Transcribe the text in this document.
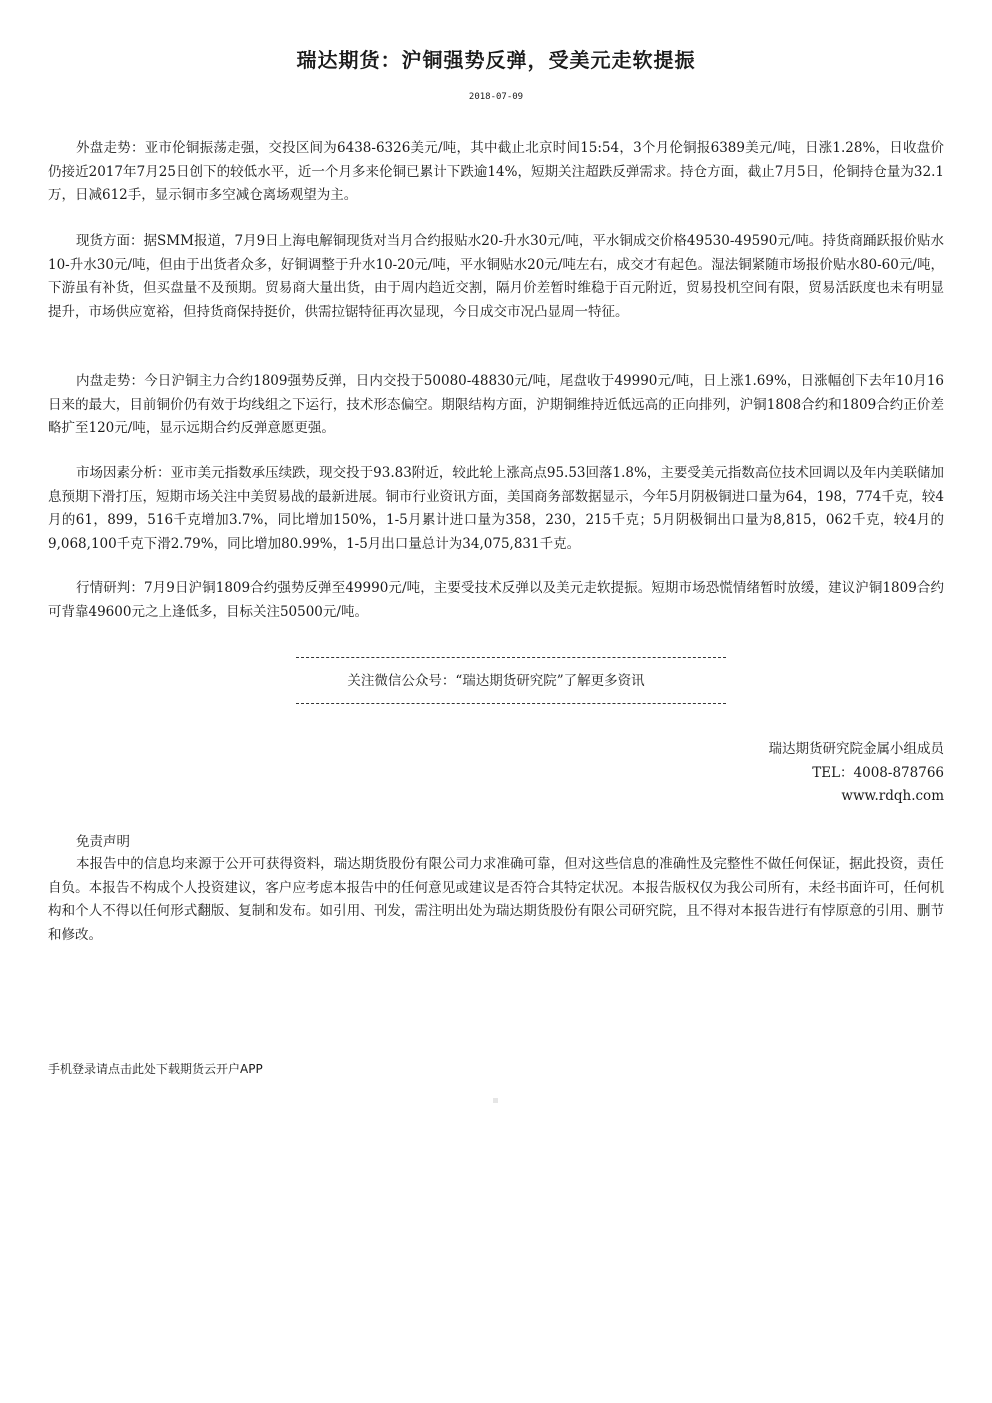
瑞达期货：沪铜强势反弹，受美元走软提振
2018-07-09

外盘走势：亚市伦铜振荡走强，交投区间为6438-6326美元/吨，其中截止北京时间15:54，3个月伦铜报6389美元/吨，日涨1.28%，日收盘价仍接近2017年7月25日创下的较低水平，近一个月多来伦铜已累计下跌逾14%，短期关注超跌反弹需求。持仓方面，截止7月5日，伦铜持仓量为32.1万，日减612手，显示铜市多空减仓离场观望为主。

现货方面：据SMM报道，7月9日上海电解铜现货对当月合约报贴水20-升水30元/吨，平水铜成交价格49530-49590元/吨。持货商踊跃报价贴水10-升水30元/吨，但由于出货者众多，好铜调整于升水10-20元/吨，平水铜贴水20元/吨左右，成交才有起色。湿法铜紧随市场报价贴水80-60元/吨，下游虽有补货，但买盘量不及预期。贸易商大量出货，由于周内趋近交割，隔月价差暂时维稳于百元附近，贸易投机空间有限，贸易活跃度也未有明显提升，市场供应宽裕，但持货商保持挺价，供需拉锯特征再次显现，今日成交市况凸显周一特征。

内盘走势：今日沪铜主力合约1809强势反弹，日内交投于50080-48830元/吨，尾盘收于49990元/吨，日上涨1.69%，日涨幅创下去年10月16日来的最大，目前铜价仍有效于均线组之下运行，技术形态偏空。期限结构方面，沪期铜维持近低远高的正向排列，沪铜1808合约和1809合约正价差略扩至120元/吨，显示远期合约反弹意愿更强。

市场因素分析：亚市美元指数承压续跌，现交投于93.83附近，较此轮上涨高点95.53回落1.8%，主要受美元指数高位技术回调以及年内美联储加息预期下滑打压，短期市场关注中美贸易战的最新进展。铜市行业资讯方面，美国商务部数据显示，今年5月阴极铜进口量为64，198，774千克，较4月的61，899，516千克增加3.7%，同比增加150%，1-5月累计进口量为358，230，215千克；5月阴极铜出口量为8,815，062千克，较4月的9,068,100千克下滑2.79%，同比增加80.99%，1-5月出口量总计为34,075,831千克。

行情研判：7月9日沪铜1809合约强势反弹至49990元/吨，主要受技术反弹以及美元走软提振。短期市场恐慌情绪暂时放缓，建议沪铜1809合约可背靠49600元之上逢低多，目标关注50500元/吨。

关注微信公众号：“瑞达期货研究院”了解更多资讯
瑞达期货研究院金属小组成员
TEL：4008-878766
www.rdqh.com
免责声明

本报告中的信息均来源于公开可获得资料，瑞达期货股份有限公司力求准确可靠，但对这些信息的准确性及完整性不做任何保证，据此投资，责任自负。本报告不构成个人投资建议，客户应考虑本报告中的任何意见或建议是否符合其特定状况。本报告版权仅为我公司所有，未经书面许可，任何机构和个人不得以任何形式翻版、复制和发布。如引用、刊发，需注明出处为瑞达期货股份有限公司研究院，且不得对本报告进行有悖原意的引用、删节和修改。

手机登录请点击此处下载期货云开户APP
